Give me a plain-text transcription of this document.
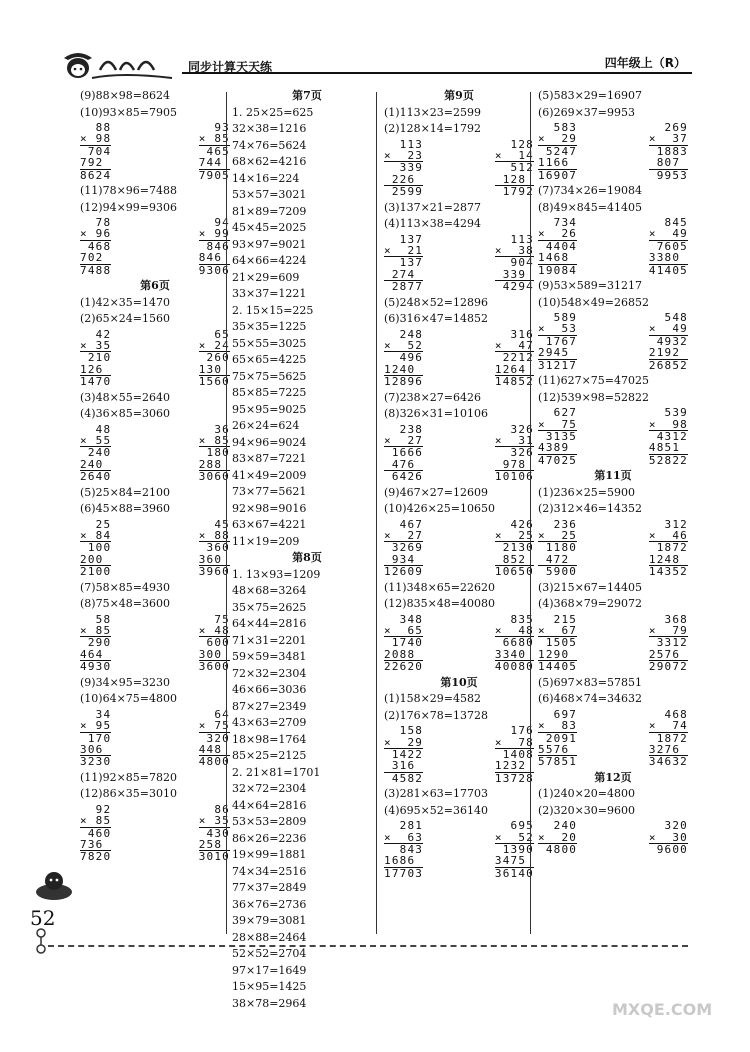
同步计算天天练	四年级上（R）
(9)88×98=8624
(10)93×85=7905
88
× 98
704
792
8624
93
× 85
465
744
7905
(11)78×96=7488
(12)94×99=9306
78
× 96
468
702
7488
94
× 99
846
846
9306
第6页
(1)42×35=1470
(2)65×24=1560
42
× 35
210
126
1470
65
× 24
260
130
1560
(3)48×55=2640
(4)36×85=3060
48
× 55
240
240
2640
36
× 85
180
288
3060
(5)25×84=2100
(6)45×88=3960
25
× 84
100
200
2100
45
× 88
360
360
3960
(7)58×85=4930
(8)75×48=3600
58
× 85
290
464
4930
75
× 48
600
300
3600
(9)34×95=3230
(10)64×75=4800
34
× 95
170
306
3230
64
× 75
320
448
4800
(11)92×85=7820
(12)86×35=3010
92
× 85
460
736
7820
86
× 35
430
258
3010
第7页
1. 25×25=625
32×38=1216
74×76=5624
68×62=4216
14×16=224
53×57=3021
81×89=7209
45×45=2025
93×97=9021
64×66=4224
21×29=609
33×37=1221
2. 15×15=225
35×35=1225
55×55=3025
65×65=4225
75×75=5625
85×85=7225
95×95=9025
26×24=624
94×96=9024
83×87=7221
41×49=2009
73×77=5621
92×98=9016
63×67=4221
11×19=209
第8页
1. 13×93=1209
48×68=3264
35×75=2625
64×44=2816
71×31=2201
59×59=3481
72×32=2304
46×66=3036
87×27=2349
43×63=2709
18×98=1764
85×25=2125
2. 21×81=1701
32×72=2304
44×64=2816
53×53=2809
86×26=2236
19×99=1881
74×34=2516
77×37=2849
36×76=2736
39×79=3081
28×88=2464
52×52=2704
97×17=1649
15×95=1425
38×78=2964
第9页
(1)113×23=2599
(2)128×14=1792
113
×  23
339
226
2599
128
×  14
512
128
1792
(3)137×21=2877
(4)113×38=4294
137
×  21
137
274
2877
113
×  38
904
339
4294
(5)248×52=12896
(6)316×47=14852
248
×  52
496
1240
12896
316
×  47
2212
1264
14852
(7)238×27=6426
(8)326×31=10106
238
×  27
1666
476
6426
326
×  31
326
978
10106
(9)467×27=12609
(10)426×25=10650
467
×  27
3269
934
12609
426
×  25
2130
852
10650
(11)348×65=22620
(12)835×48=40080
348
×  65
1740
2088
22620
835
×  48
6680
3340
40080
第10页
(1)158×29=4582
(2)176×78=13728
158
×  29
1422
316
4582
176
×  78
1408
1232
13728
(3)281×63=17703
(4)695×52=36140
281
×  63
843
1686
17703
695
×  52
1390
3475
36140
(5)583×29=16907
(6)269×37=9953
583
×  29
5247
1166
16907
269
×  37
1883
807
9953
(7)734×26=19084
(8)49×845=41405
734
×  26
4404
1468
19084
845
×  49
7605
3380
41405
(9)53×589=31217
(10)548×49=26852
589
×  53
1767
2945
31217
548
×  49
4932
2192
26852
(11)627×75=47025
(12)539×98=52822
627
×  75
3135
4389
47025
539
×  98
4312
4851
52822
第11页
(1)236×25=5900
(2)312×46=14352
236
×  25
1180
472
5900
312
×  46
1872
1248
14352
(3)215×67=14405
(4)368×79=29072
215
×  67
1505
1290
14405
368
×  79
3312
2576
29072
(5)697×83=57851
(6)468×74=34632
697
×  83
2091
5576
57851
468
×  74
1872
3276
34632
第12页
(1)240×20=4800
(2)320×30=9600
240
×  20
4800
320
×  30
9600
52
MXQE.COM
